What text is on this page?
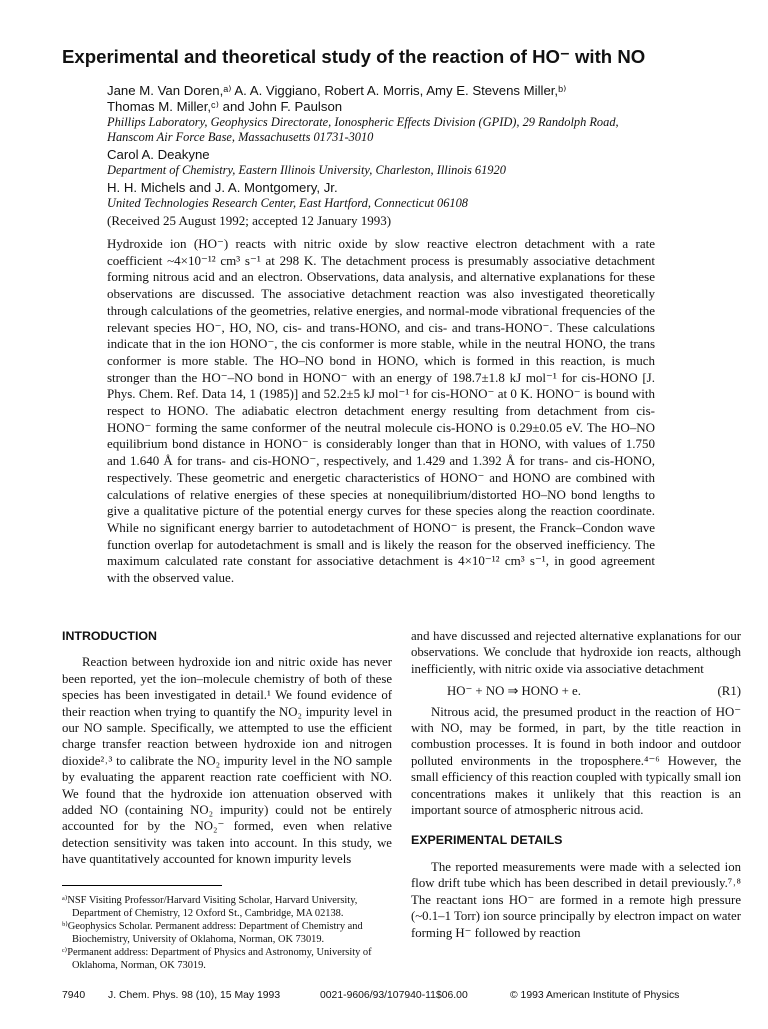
Experimental and theoretical study of the reaction of HO⁻ with NO
Jane M. Van Doren,ᵃ⁾ A. A. Viggiano, Robert A. Morris, Amy E. Stevens Miller,ᵇ⁾
Thomas M. Miller,ᶜ⁾ and John F. Paulson
Phillips Laboratory, Geophysics Directorate, Ionospheric Effects Division (GPID), 29 Randolph Road,
Hanscom Air Force Base, Massachusetts 01731-3010
Carol A. Deakyne
Department of Chemistry, Eastern Illinois University, Charleston, Illinois 61920
H. H. Michels and J. A. Montgomery, Jr.
United Technologies Research Center, East Hartford, Connecticut 06108
(Received 25 August 1992; accepted 12 January 1993)
Hydroxide ion (HO⁻) reacts with nitric oxide by slow reactive electron detachment with a rate coefficient ~4×10⁻¹² cm³ s⁻¹ at 298 K. The detachment process is presumably associative detachment forming nitrous acid and an electron. Observations, data analysis, and alternative explanations for these observations are discussed. The associative detachment reaction was also investigated theoretically through calculations of the geometries, relative energies, and normal-mode vibrational frequencies of the relevant species HO⁻, HO, NO, cis- and trans-HONO, and cis- and trans-HONO⁻. These calculations indicate that in the ion HONO⁻, the cis conformer is more stable, while in the neutral HONO, the trans conformer is more stable. The HO–NO bond in HONO, which is formed in this reaction, is much stronger than the HO⁻–NO bond in HONO⁻ with an energy of 198.7±1.8 kJ mol⁻¹ for cis-HONO [J. Phys. Chem. Ref. Data 14, 1 (1985)] and 52.2±5 kJ mol⁻¹ for cis-HONO⁻ at 0 K. HONO⁻ is bound with respect to HONO. The adiabatic electron detachment energy resulting from detachment from cis-HONO⁻ forming the same conformer of the neutral molecule cis-HONO is 0.29±0.05 eV. The HO–NO equilibrium bond distance in HONO⁻ is considerably longer than that in HONO, with values of 1.750 and 1.640 Å for trans- and cis-HONO⁻, respectively, and 1.429 and 1.392 Å for trans- and cis-HONO, respectively. These geometric and energetic characteristics of HONO⁻ and HONO are combined with calculations of relative energies of these species at nonequilibrium/distorted HO–NO bond lengths to give a qualitative picture of the potential energy curves for these species along the reaction coordinate. While no significant energy barrier to autodetachment of HONO⁻ is present, the Franck–Condon wave function overlap for autodetachment is small and is likely the reason for the observed inefficiency. The maximum calculated rate constant for associative detachment is 4×10⁻¹² cm³ s⁻¹, in good agreement with the observed value.
INTRODUCTION

Reaction between hydroxide ion and nitric oxide has never been reported, yet the ion–molecule chemistry of both of these species has been investigated in detail.¹ We found evidence of their reaction when trying to quantify the NO₂ impurity level in our NO sample. Specifically, we attempted to use the efficient charge transfer reaction between hydroxide ion and nitrogen dioxide²˒³ to calibrate the NO₂ impurity level in the NO sample by evaluating the apparent reaction rate coefficient with NO. We found that the hydroxide ion attenuation observed with added NO (containing NO₂ impurity) could not be entirely accounted for by the NO₂⁻ formed, even when relative detection sensitivity was taken into account. In this study, we have quantitatively accounted for known impurity levels

and have discussed and rejected alternative explanations for our observations. We conclude that hydroxide ion reacts, although inefficiently, with nitric oxide via associative detachment

HO⁻ + NO ⇒ HONO + e.	(R1)

Nitrous acid, the presumed product in the reaction of HO⁻ with NO, may be formed, in part, by the title reaction in combustion processes. It is found in both indoor and outdoor polluted environments in the troposphere.⁴⁻⁶ However, the small efficiency of this reaction coupled with typically small ion concentrations makes it unlikely that this reaction is an important source of atmospheric nitrous acid.

EXPERIMENTAL DETAILS

The reported measurements were made with a selected ion flow drift tube which has been described in detail previously.⁷˒⁸ The reactant ions HO⁻ are formed in a remote high pressure (~0.1–1 Torr) ion source principally by electron impact on water forming H⁻ followed by reaction

ᵃ⁾NSF Visiting Professor/Harvard Visiting Scholar, Harvard University, Department of Chemistry, 12 Oxford St., Cambridge, MA 02138.
ᵇ⁾Geophysics Scholar. Permanent address: Department of Chemistry and Biochemistry, University of Oklahoma, Norman, OK 73019.
ᶜ⁾Permanent address: Department of Physics and Astronomy, University of Oklahoma, Norman, OK 73019.
7940 J. Chem. Phys. 98 (10), 15 May 1993	0021-9606/93/107940-11$06.00	© 1993 American Institute of Physics
